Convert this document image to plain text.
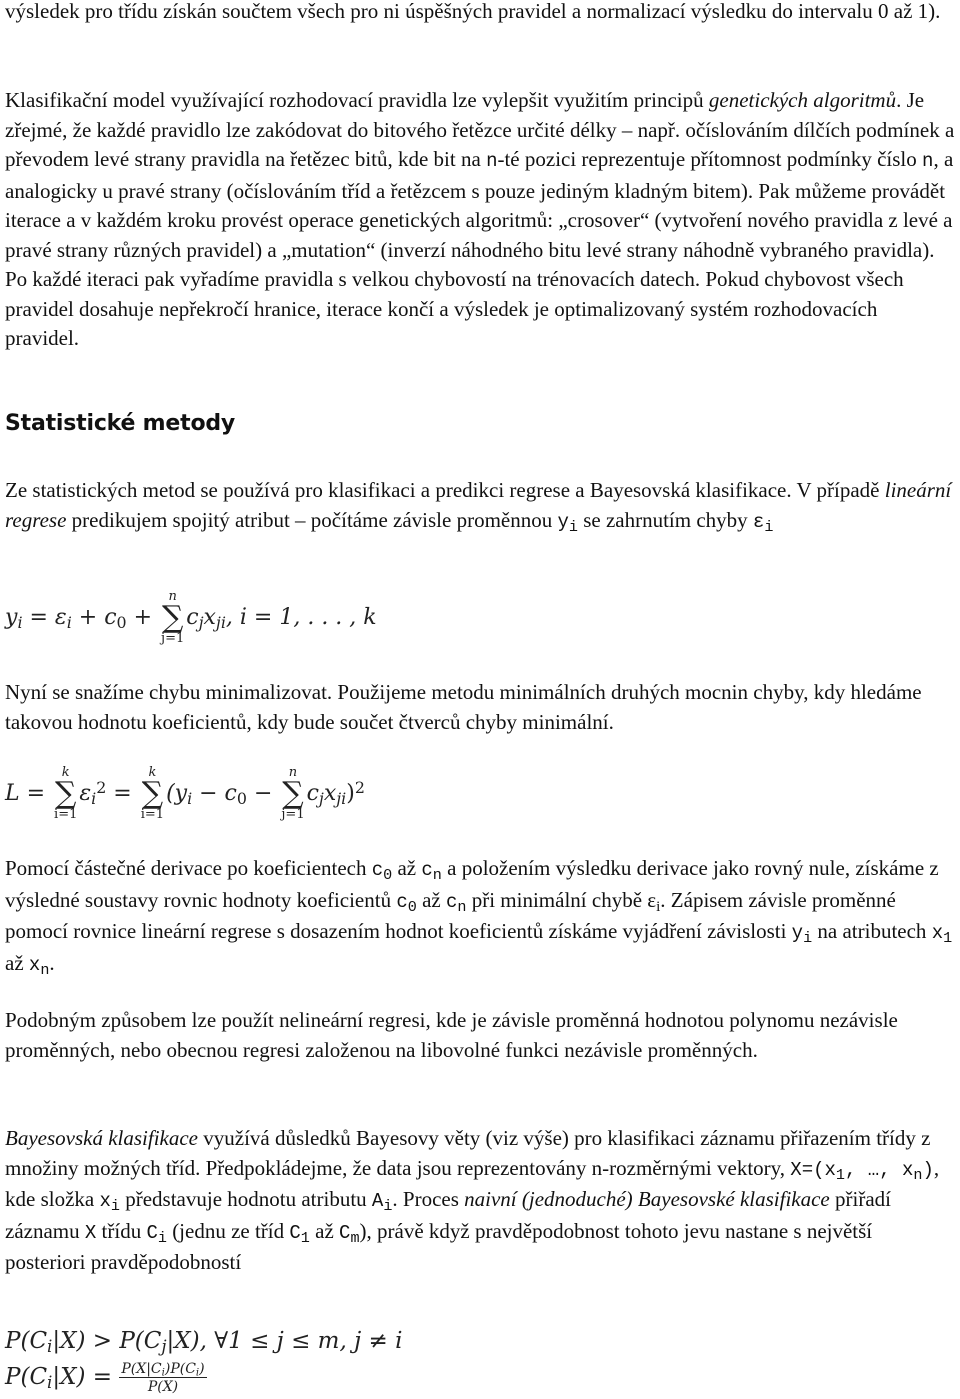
výsledek pro třídu získán součtem všech pro ni úspěšných pravidel a normalizací výsledku do intervalu 0 až 1).

Klasifikační model využívající rozhodovací pravidla lze vylepšit využitím principů genetických algoritmů. Je zřejmé, že každé pravidlo lze zakódovat do bitového řetězce určité délky – např. očíslováním dílčích podmínek a převodem levé strany pravidla na řetězec bitů, kde bit na n-té pozici reprezentuje přítomnost podmínky číslo n, a analogicky u pravé strany (očíslováním tříd a řetězcem s pouze jediným kladným bitem). Pak můžeme provádět iterace a v každém kroku provést operace genetických algoritmů: „crosover“ (vytvoření nového pravidla z levé a pravé strany různých pravidel) a „mutation“ (inverzí náhodného bitu levé strany náhodně vybraného pravidla). Po každé iteraci pak vyřadíme pravidla s velkou chybovostí na trénovacích datech. Pokud chybovost všech pravidel dosahuje nepřekročí hranice, iterace končí a výsledek je optimalizovaný systém rozhodovacích pravidel.

Statistické metody

Ze statistických metod se používá pro klasifikaci a predikci regrese a Bayesovská klasifikace. V případě lineární regrese predikujem spojitý atribut – počítáme závisle proměnnou $y_i$ se zahrnutím chyby $\varepsilon_i$

$y_i = \varepsilon_i + c_0$ +
n
∑
j=1
$c_jx_{ji}$, i = 1, . . . , k

Nyní se snažíme chybu minimalizovat. Použijeme metodu minimálních druhých mocnin chyby, kdy hledáme takovou hodnotu koeficientů, kdy bude součet čtverců chyby minimální.

L =
k
∑
i=1
$\varepsilon_i^2$ =
k
∑
i=1
($y_i - c_0$ −
n
∑
j=1
$c_jx_{ji})^2$

Pomocí částečné derivace po koeficientech $c_0$ až $c_n$ a položením výsledku derivace jako rovný nule, získáme z výsledné soustavy rovnic hodnoty koeficientů $c_0$ až $c_n$ při minimální chybě $\varepsilon_i$. Zápisem závisle proměnné pomocí rovnice lineární regrese s dosazením hodnot koeficientů získáme vyjádření závislosti $y_i$ na atributech $x_1$ až $x_n$.

Podobným způsobem lze použít nelineární regresi, kde je závisle proměnná hodnotou polynomu nezávisle proměnných, nebo obecnou regresi založenou na libovolné funkci nezávisle proměnných.

Bayesovská klasifikace využívá důsledků Bayesovy věty (viz výše) pro klasifikaci záznamu přiřazením třídy z množiny možných tříd. Předpokládejme, že data jsou reprezentovány n-rozměrnými vektory, $X=(x_1$, …, $x_n$), kde složka $x_i$ představuje hodnotu atributu $A_i$. Proces naivní (jednoduché) Bayesovské klasifikace přiřadí záznamu X třídu $C_i$ (jednu ze tříd $C_1$ až $C_m$), právě když pravděpodobnost tohoto jevu nastane s největší posteriori pravděpodobností

$P(C_i|X) > P(C_j|X)$, ∀1 ≤ j ≤ m, j ≠ i
$P(C_i|X) = \frac{P(X|C_i)P(C_i)}{P(X)}$
